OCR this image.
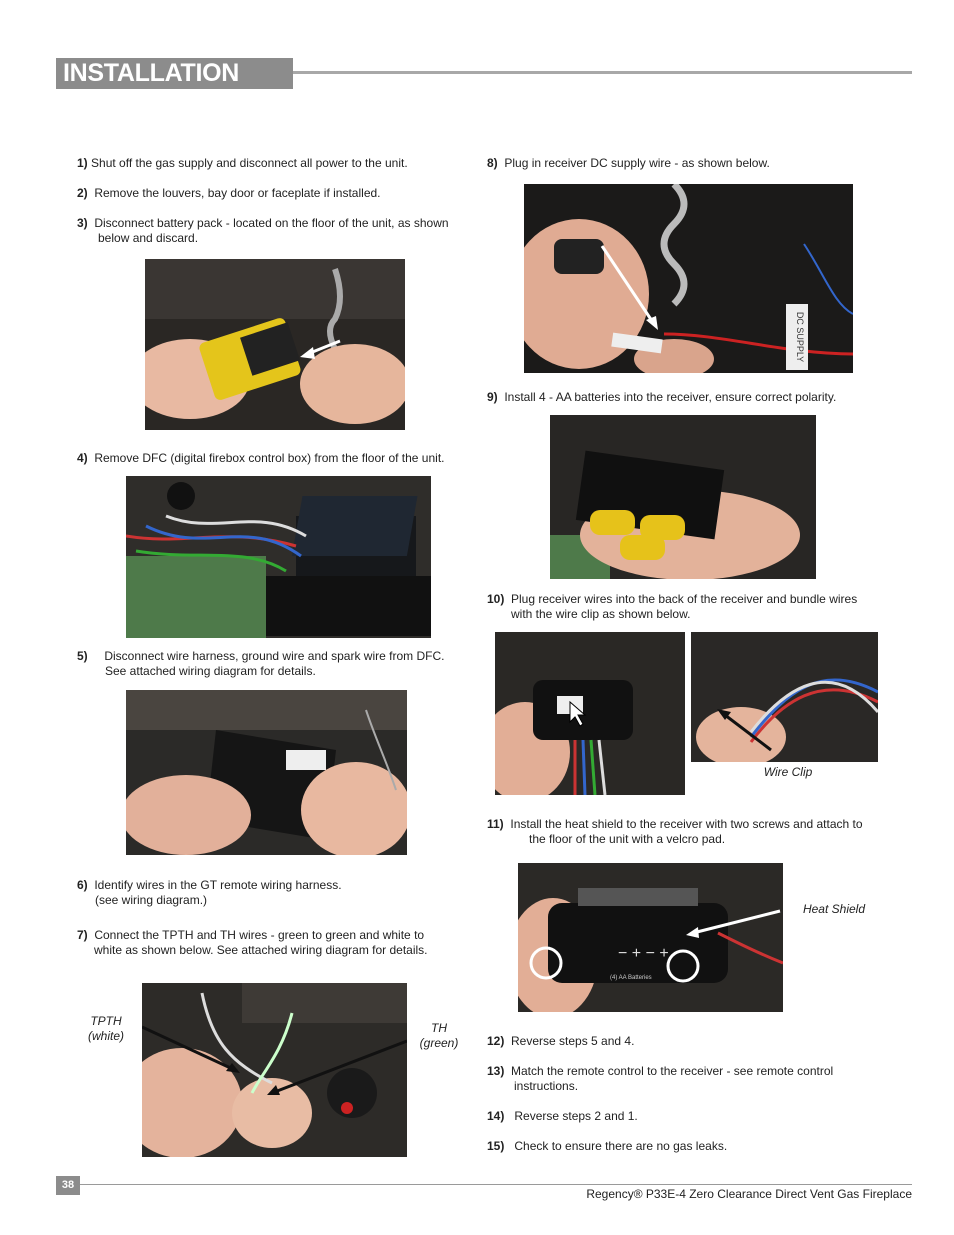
INSTALLATION
1) Shut off the gas supply and disconnect all power to the unit.
2) Remove the louvers, bay door or faceplate if installed.
3) Disconnect battery pack - located on the floor of the unit, as shown
below and discard.
4) Remove DFC (digital firebox control box) from the floor of the unit.
5) Disconnect wire harness, ground wire and spark wire from DFC.
See attached wiring diagram for details.
6) Identify wires in the GT remote wiring harness.
(see wiring diagram.)
7) Connect the TPTH and TH wires - green to green and white to
white as shown below. See attached wiring diagram for details.
TPTH
(white)
TH
(green)
8) Plug in receiver DC supply wire - as shown below.
DC SUPPLY
9) Install 4 - AA batteries into the receiver, ensure correct polarity.
10) Plug receiver wires into the back of the receiver and bundle wires
with the wire clip as shown below.
Wire Clip
11) Install the heat shield to the receiver with two screws and attach to
the floor of the unit with a velcro pad.
− + − +
(4) AA Batteries
Heat Shield
12) Reverse steps 5 and 4.
13) Match the remote control to the receiver - see remote control
instructions.
14) Reverse steps 2 and 1.
15) Check to ensure there are no gas leaks.
38
Regency® P33E-4 Zero Clearance Direct Vent Gas Fireplace
